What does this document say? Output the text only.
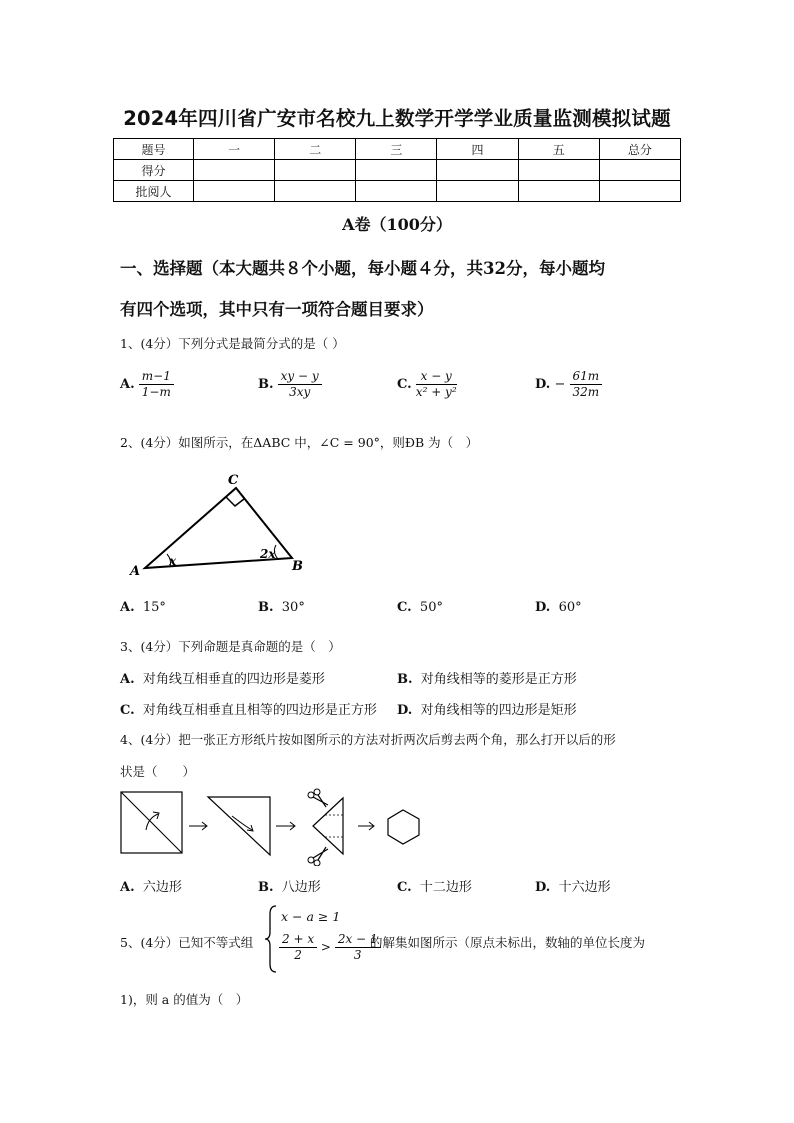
2024年四川省广安市名校九上数学开学学业质量监测模拟试题
题号	一	二	三	四	五	总分
得分						
批阅人						
A卷（100分）
一、选择题（本大题共８个小题，每小题４分，共32分，每小题均
有四个选项，其中只有一项符合题目要求）
1、(4分）下列分式是最简分式的是（ ）
A. $\frac{m-1}{1-m}$	B. $\frac{xy - y}{3xy}$	C. $\frac{x - y}{\text{x² + y²}}$	D. − $\frac{61m}{32m}$
2、(4分）如图所示，在ΔABC 中，∠C = 90°，则ÐB 为（　）
C
A	B
x	2x
A. 15°	B. 30°	C. 50°	D. 60°
3、(4分）下列命题是真命题的是（　）
A. 对角线互相垂直的四边形是菱形	B. 对角线相等的菱形是正方形
C. 对角线互相垂直且相等的四边形是正方形 D. 对角线相等的四边形是矩形
4、(4分）把一张正方形纸片按如图所示的方法对折两次后剪去两个角，那么打开以后的形
状是（　　）
A. 六边形	B. 八边形	C. 十二边形	D. 十六边形
5、(4分）已知不等式组
x − a ≥ 1
$\frac{2 + x}{2} > \frac{2x - 1}{3}$
的解集如图所示（原点未标出，数轴的单位长度为
1)，则 a 的值为（　）
